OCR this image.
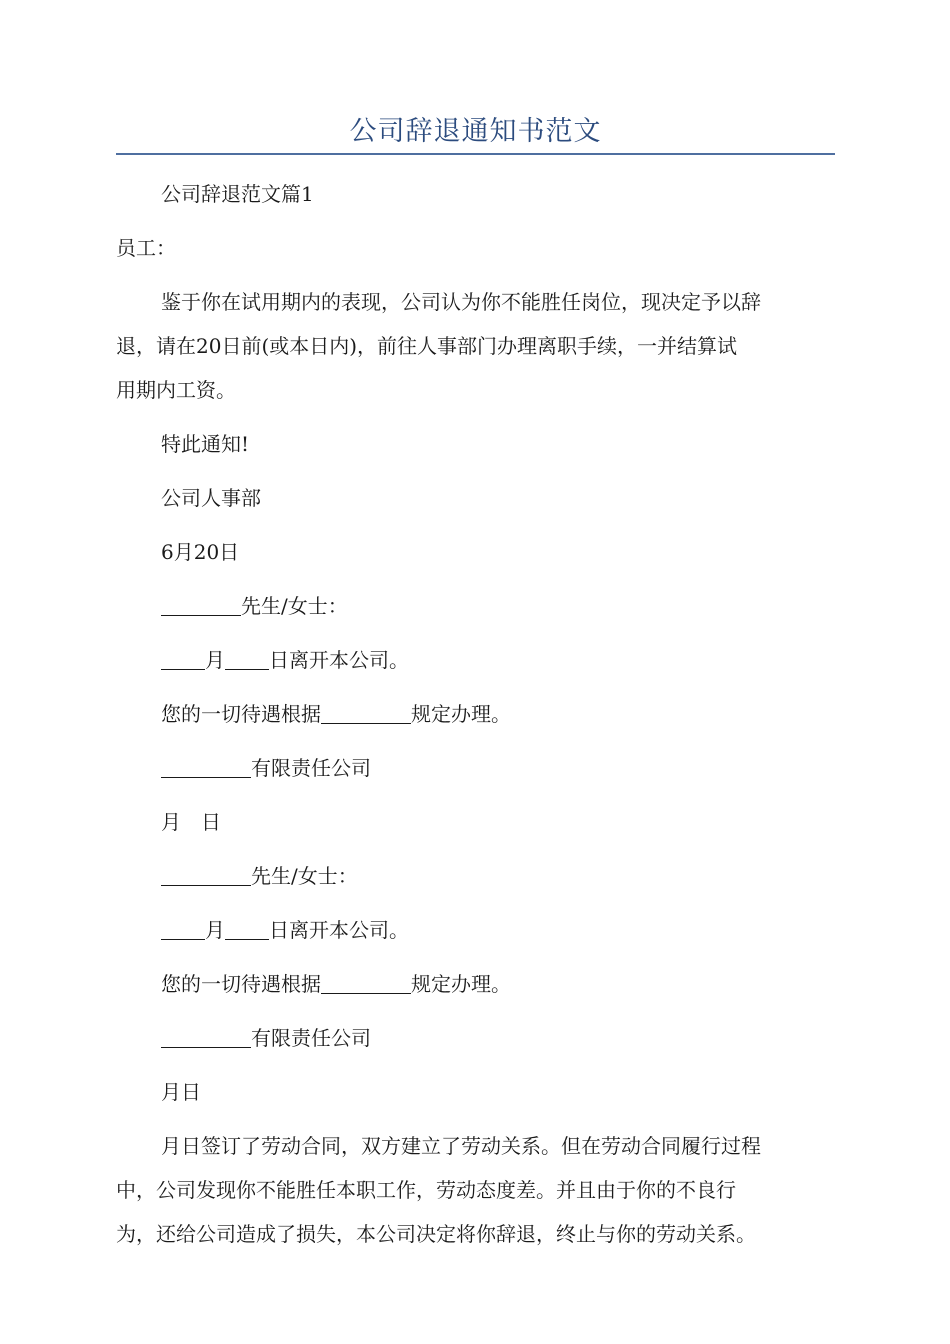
公司辞退通知书范文

公司辞退范文篇1

员工：

鉴于你在试用期内的表现，公司认为你不能胜任岗位，现决定予以辞
退，请在20日前(或本日内)，前往人事部门办理离职手续，一并结算试
用期内工资。

特此通知!

公司人事部

6月20日

先生/女士：

月 日离开本公司。

您的一切待遇根据	规定办理。

有限责任公司

月　日

先生/女士：

月 日离开本公司。

您的一切待遇根据	规定办理。

有限责任公司

月日

月日签订了劳动合同，双方建立了劳动关系。但在劳动合同履行过程
中，公司发现你不能胜任本职工作，劳动态度差。并且由于你的不良行
为，还给公司造成了损失，本公司决定将你辞退，终止与你的劳动关系。
